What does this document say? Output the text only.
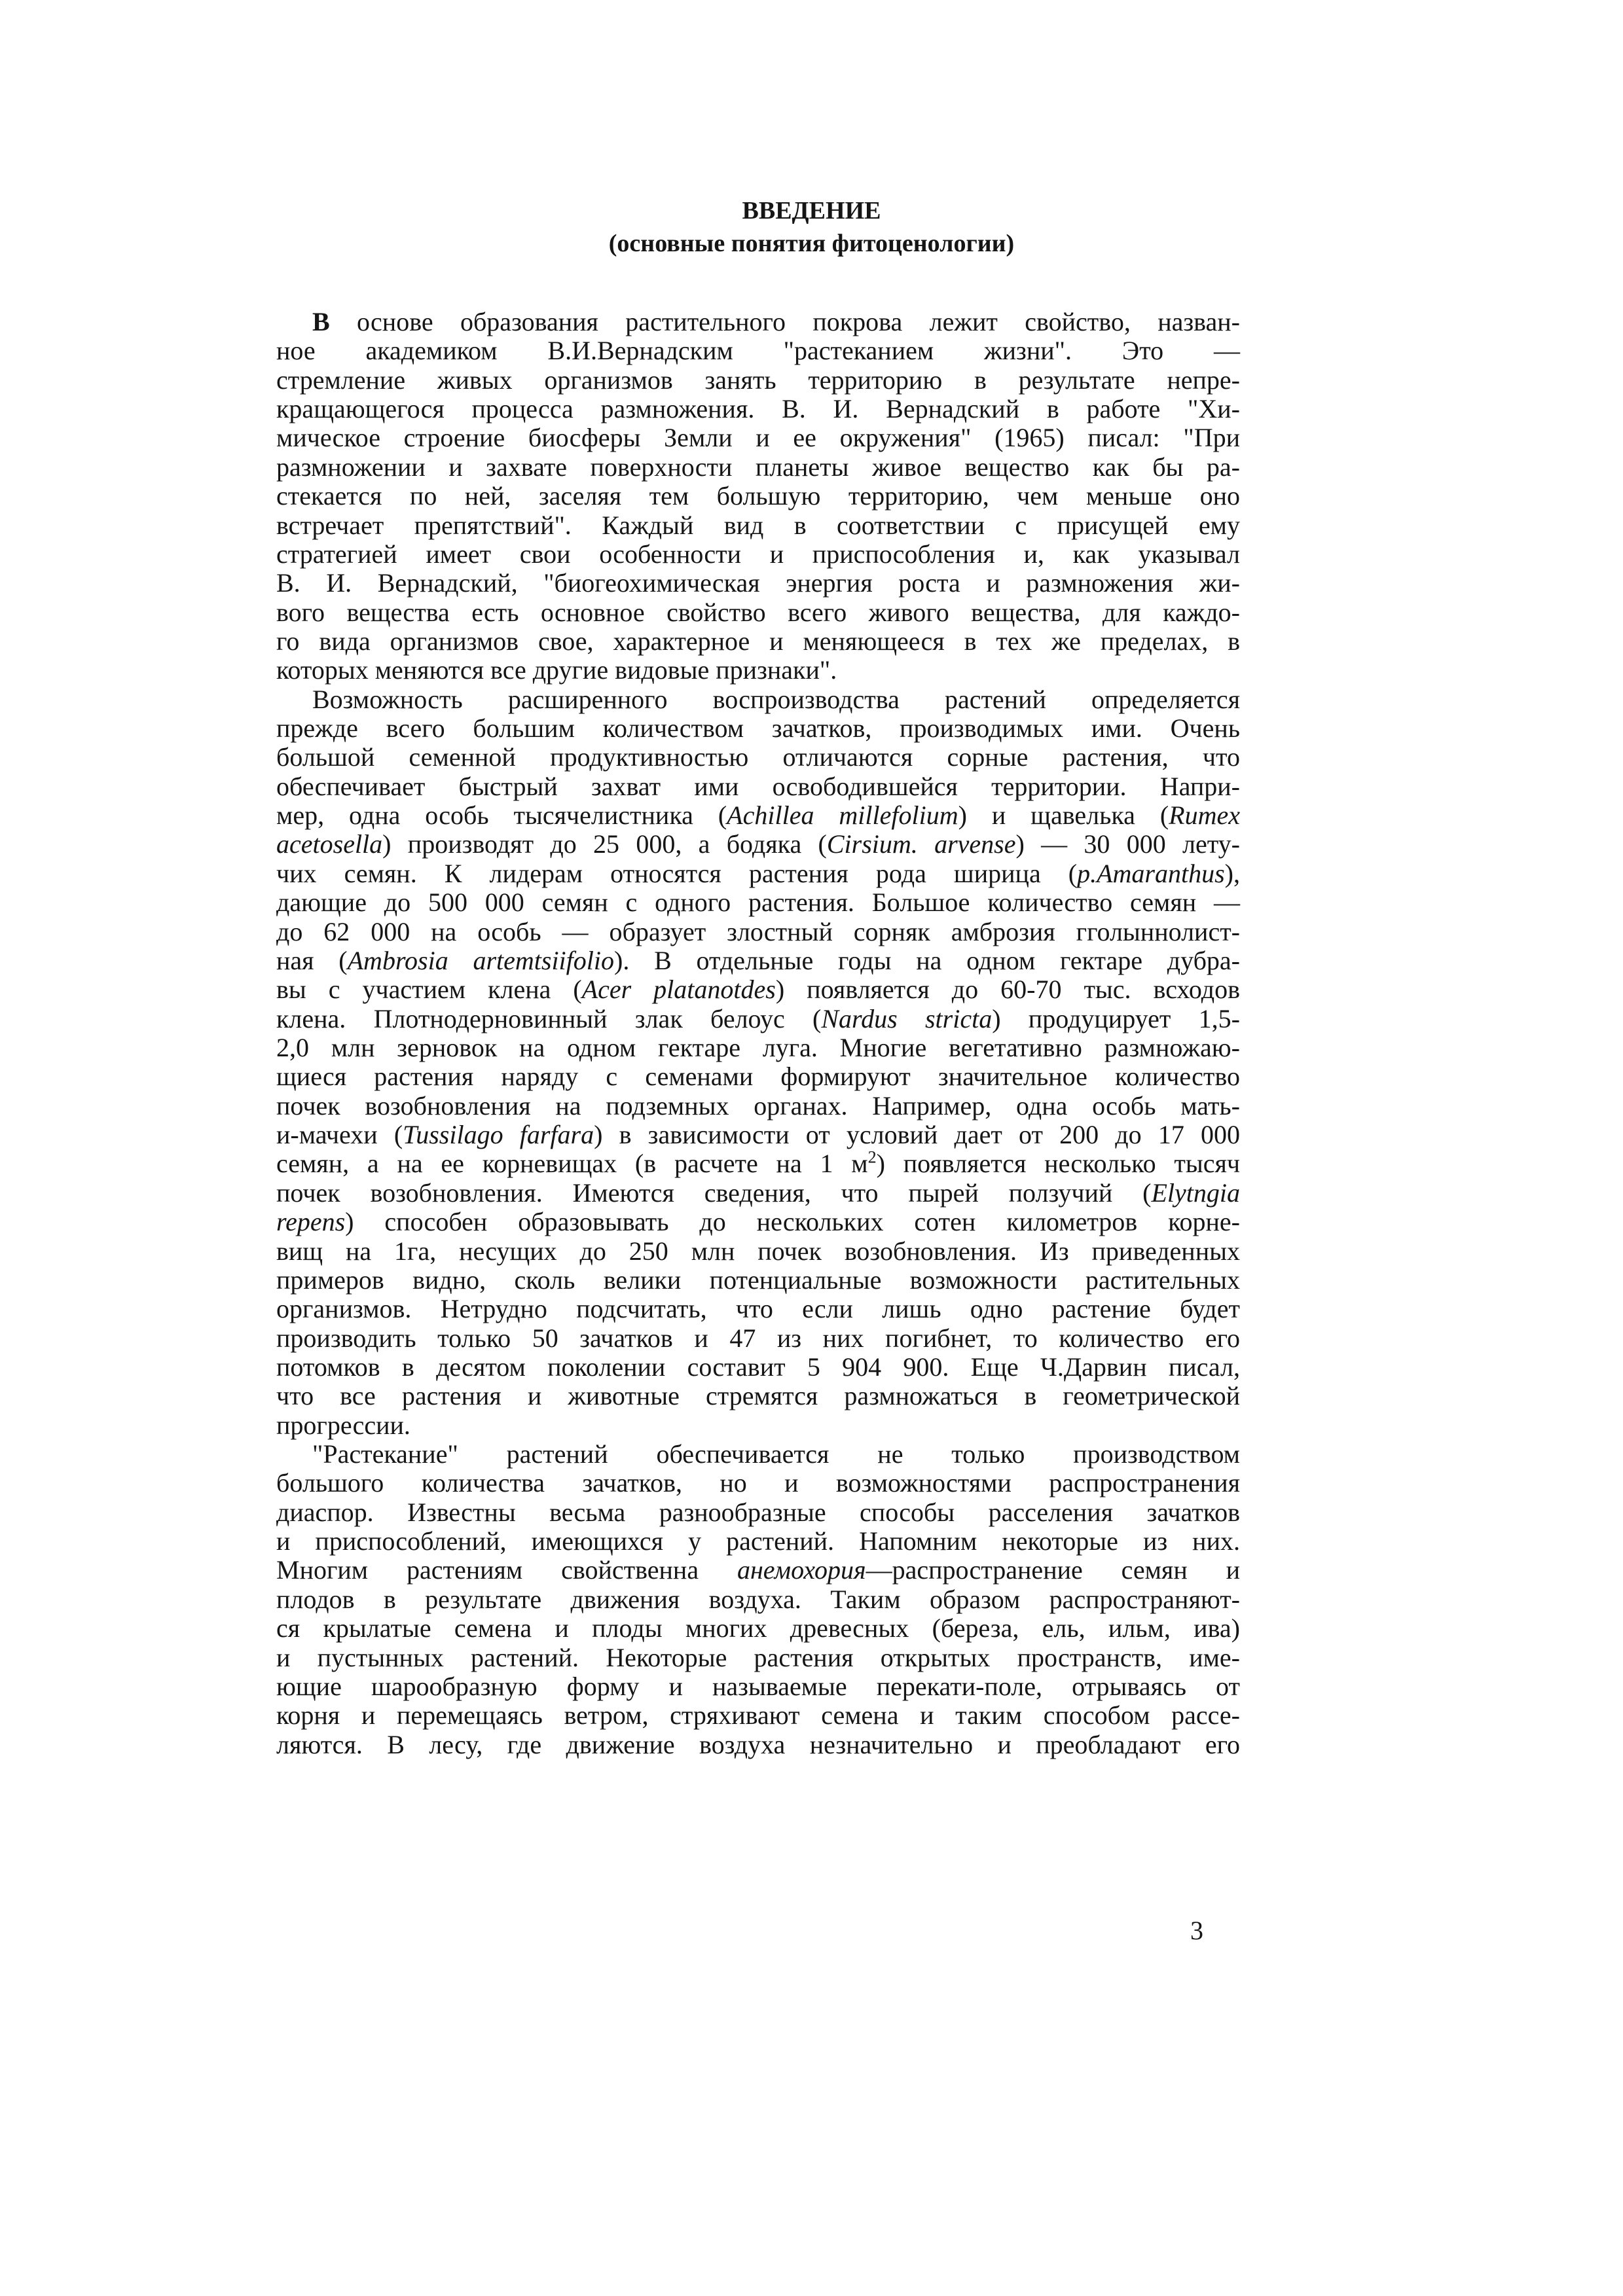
ВВЕДЕНИЕ
(основные понятия фитоценологии)
В основе образования растительного покрова лежит свойство, назван-
ное академиком В.И.Вернадским "растеканием жизни". Это —
стремление живых организмов занять территорию в результате непре-
кращающегося процесса размножения. В. И. Вернадский в работе "Хи-
мическое строение биосферы Земли и ее окружения" (1965) писал: "При
размножении и захвате поверхности планеты живое вещество как бы ра-
стекается по ней, заселяя тем большую территорию, чем меньше оно
встречает препятствий". Каждый вид в соответствии с присущей ему
стратегией имеет свои особенности и приспособления и, как указывал
В. И. Вернадский, "биогеохимическая энергия роста и размножения жи-
вого вещества есть основное свойство всего живого вещества, для каждо-
го вида организмов свое, характерное и меняющееся в тех же пределах, в
которых меняются все другие видовые признаки".
Возможность расширенного воспроизводства растений определяется
прежде всего большим количеством зачатков, производимых ими. Очень
большой семенной продуктивностью отличаются сорные растения, что
обеспечивает быстрый захват ими освободившейся территории. Напри-
мер, одна особь тысячелистника (Achillea millefolium) и щавелька (Rumex
acetosella) производят до 25 000, а бодяка (Cirsium. arvense) — 30 000 лету-
чих семян. К лидерам относятся растения рода ширица (p.Amaranthus),
дающие до 500 000 семян с одного растения. Большое количество семян —
до 62 000 на особь — образует злостный сорняк амброзия гголыннолист-
ная (Ambrosia artemtsiifolio). В отдельные годы на одном гектаре дубра-
вы с участием клена (Acer platanotdes) появляется до 60-70 тыс. всходов
клена. Плотнодерновинный злак белоус (Nardus stricta) продуцирует 1,5-
2,0 млн зерновок на одном гектаре луга. Многие вегетативно размножаю-
щиеся растения наряду с семенами формируют значительное количество
почек возобновления на подземных органах. Например, одна особь мать-
и-мачехи (Tussilago farfara) в зависимости от условий дает от 200 до 17 000
семян, а на ее корневищах (в расчете на 1 $м^2$) появляется несколько тысяч
почек возобновления. Имеются сведения, что пырей ползучий (Elytngia
repens) способен образовывать до нескольких сотен километров корне-
вищ на 1га, несущих до 250 млн почек возобновления. Из приведенных
примеров видно, сколь велики потенциальные возможности растительных
организмов. Нетрудно подсчитать, что если лишь одно растение будет
производить только 50 зачатков и 47 из них погибнет, то количество его
потомков в десятом поколении составит 5 904 900. Еще Ч.Дарвин писал,
что все растения и животные стремятся размножаться в геометрической
прогрессии.
"Растекание" растений обеспечивается не только производством
большого количества зачатков, но и возможностями распространения
диаспор. Известны весьма разнообразные способы расселения зачатков
и приспособлений, имеющихся у растений. Напомним некоторые из них.
Многим растениям свойственна анемохория—распространение семян и
плодов в результате движения воздуха. Таким образом распространяют-
ся крылатые семена и плоды многих древесных (береза, ель, ильм, ива)
и пустынных растений. Некоторые растения открытых пространств, име-
ющие шарообразную форму и называемые перекати-поле, отрываясь от
корня и перемещаясь ветром, стряхивают семена и таким способом рассе-
ляются. В лесу, где движение воздуха незначительно и преобладают его
3
